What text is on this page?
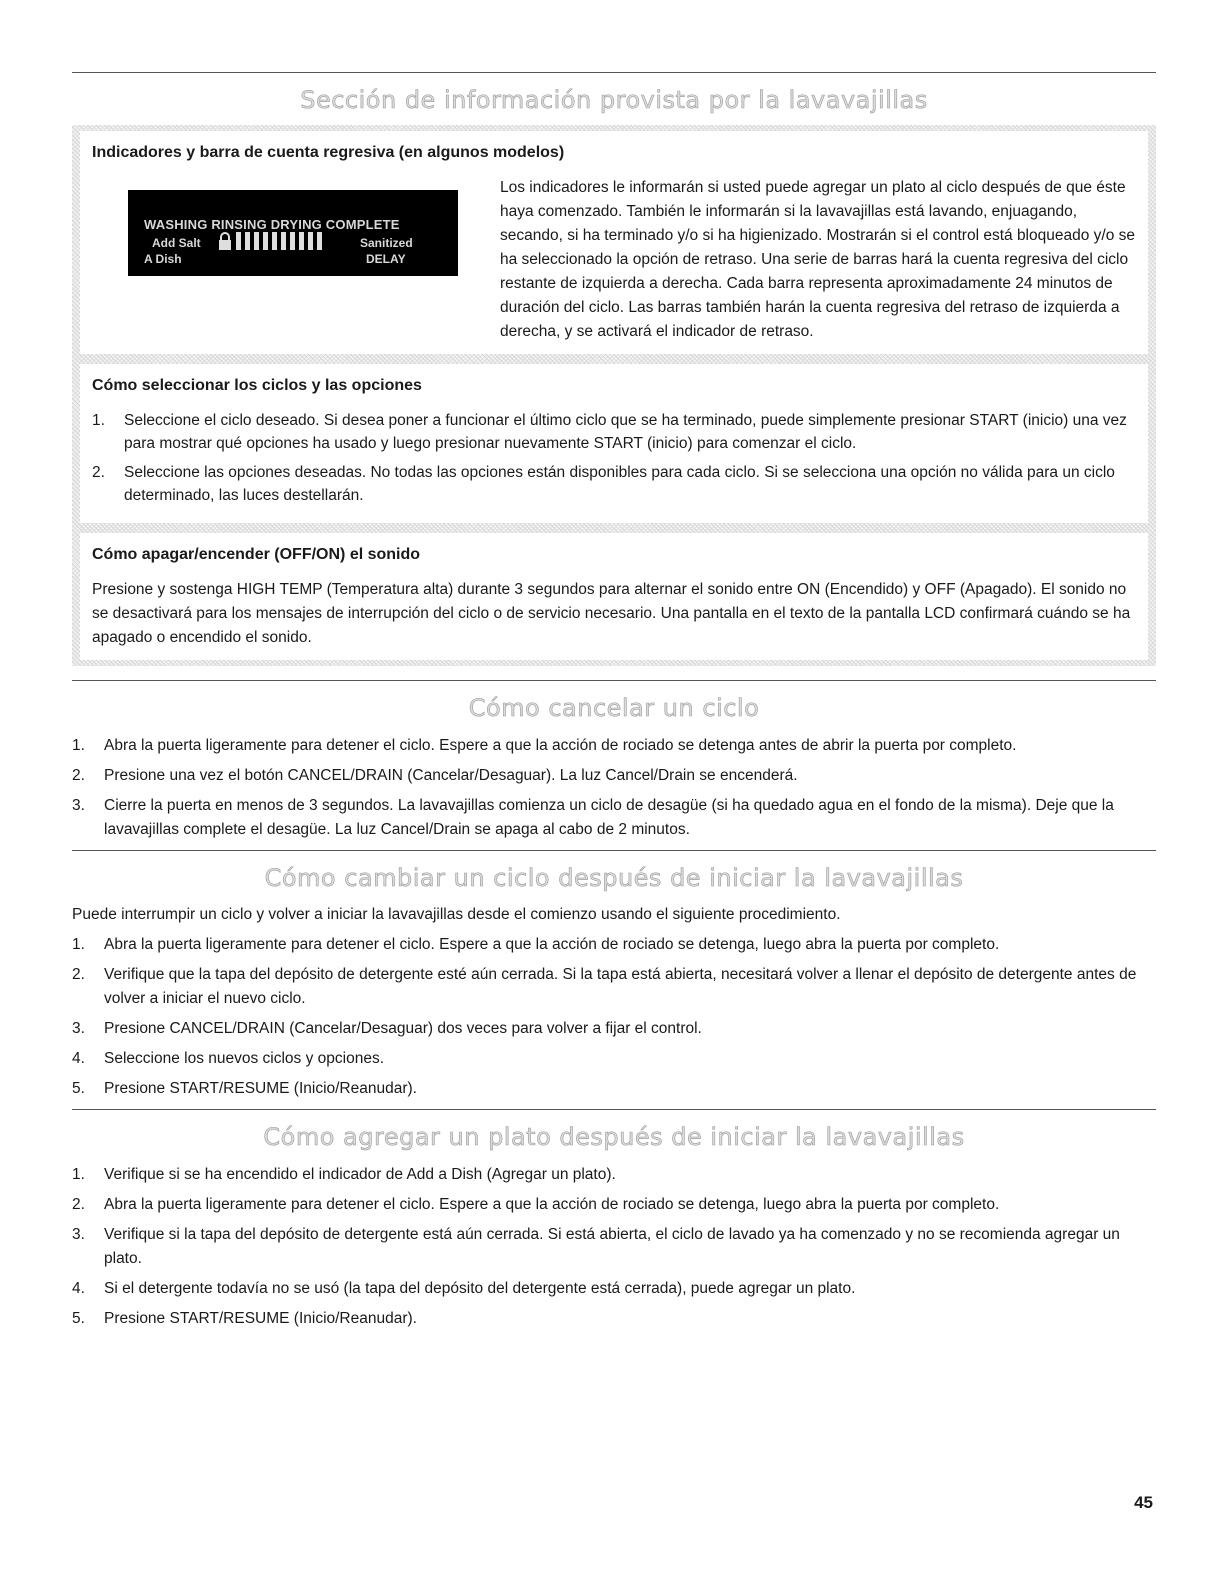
Sección de información provista por la lavavajillas
Indicadores y barra de cuenta regresiva (en algunos modelos)
WASHING RINSING DRYING COMPLETE
Add Salt
A Dish
Sanitized
DELAY
Los indicadores le informarán si usted puede agregar un plato al ciclo después de que éste haya comenzado. También le informarán si la lavavajillas está lavando, enjuagando, secando, si ha terminado y/o si ha higienizado. Mostrarán si el control está bloqueado y/o se ha seleccionado la opción de retraso. Una serie de barras hará la cuenta regresiva del ciclo restante de izquierda a derecha. Cada barra representa aproximadamente 24 minutos de duración del ciclo. Las barras también harán la cuenta regresiva del retraso de izquierda a derecha, y se activará el indicador de retraso.
Cómo seleccionar los ciclos y las opciones
1. Seleccione el ciclo deseado. Si desea poner a funcionar el último ciclo que se ha terminado, puede simplemente presionar START (inicio) una vez para mostrar qué opciones ha usado y luego presionar nuevamente START (inicio) para comenzar el ciclo.
2. Seleccione las opciones deseadas. No todas las opciones están disponibles para cada ciclo. Si se selecciona una opción no válida para un ciclo determinado, las luces destellarán.
Cómo apagar/encender (OFF/ON) el sonido
Presione y sostenga HIGH TEMP (Temperatura alta) durante 3 segundos para alternar el sonido entre ON (Encendido) y OFF (Apagado). El sonido no se desactivará para los mensajes de interrupción del ciclo o de servicio necesario. Una pantalla en el texto de la pantalla LCD confirmará cuándo se ha apagado o encendido el sonido.
Cómo cancelar un ciclo
1. Abra la puerta ligeramente para detener el ciclo. Espere a que la acción de rociado se detenga antes de abrir la puerta por completo.
2. Presione una vez el botón CANCEL/DRAIN (Cancelar/Desaguar). La luz Cancel/Drain se encenderá.
3. Cierre la puerta en menos de 3 segundos. La lavavajillas comienza un ciclo de desagüe (si ha quedado agua en el fondo de la misma). Deje que la lavavajillas complete el desagüe. La luz Cancel/Drain se apaga al cabo de 2 minutos.
Cómo cambiar un ciclo después de iniciar la lavavajillas

Puede interrumpir un ciclo y volver a iniciar la lavavajillas desde el comienzo usando el siguiente procedimiento.

1. Abra la puerta ligeramente para detener el ciclo. Espere a que la acción de rociado se detenga, luego abra la puerta por completo.
2. Verifique que la tapa del depósito de detergente esté aún cerrada. Si la tapa está abierta, necesitará volver a llenar el depósito de detergente antes de volver a iniciar el nuevo ciclo.
3. Presione CANCEL/DRAIN (Cancelar/Desaguar) dos veces para volver a fijar el control.
4. Seleccione los nuevos ciclos y opciones.
5. Presione START/RESUME (Inicio/Reanudar).
Cómo agregar un plato después de iniciar la lavavajillas
1. Verifique si se ha encendido el indicador de Add a Dish (Agregar un plato).
2. Abra la puerta ligeramente para detener el ciclo. Espere a que la acción de rociado se detenga, luego abra la puerta por completo.
3. Verifique si la tapa del depósito de detergente está aún cerrada. Si está abierta, el ciclo de lavado ya ha comenzado y no se recomienda agregar un plato.
4. Si el detergente todavía no se usó (la tapa del depósito del detergente está cerrada), puede agregar un plato.
5. Presione START/RESUME (Inicio/Reanudar).
45
